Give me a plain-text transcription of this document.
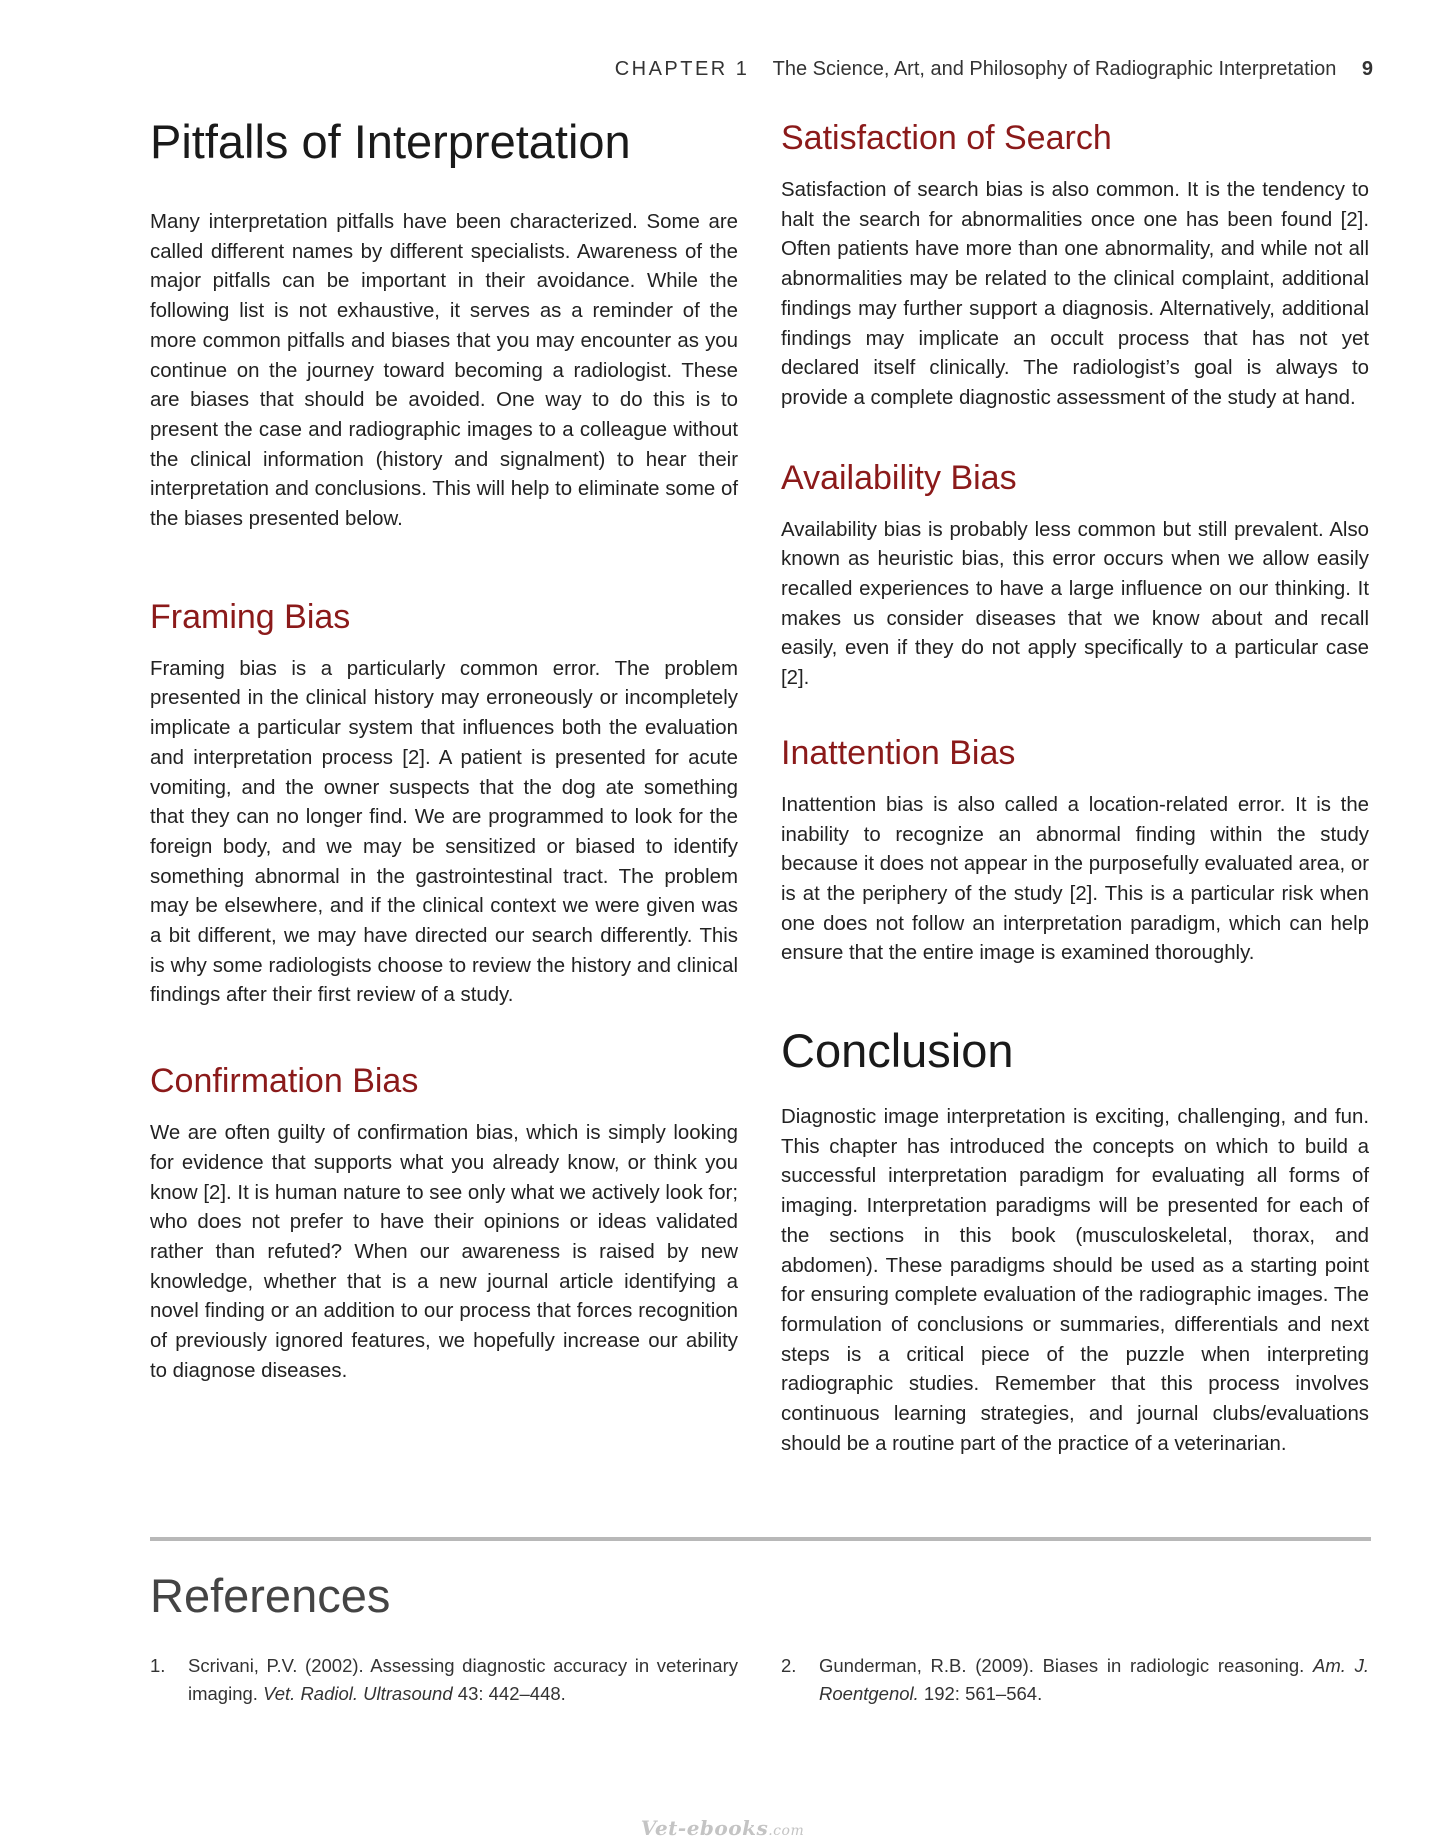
CHAPTER 1 The Science, Art, and Philosophy of Radiographic Interpretation 9
Pitfalls of Interpretation

Many interpretation pitfalls have been characterized. Some are called different names by different specialists. Awareness of the major pitfalls can be important in their avoidance. While the following list is not exhaustive, it serves as a reminder of the more common pitfalls and biases that you may encounter as you continue on the journey toward becoming a radiologist. These are biases that should be avoided. One way to do this is to present the case and radiographic images to a colleague without the clinical information (history and signalment) to hear their interpretation and conclusions. This will help to eliminate some of the biases presented below.

Framing Bias

Framing bias is a particularly common error. The problem presented in the clinical history may erroneously or incompletely implicate a particular system that influences both the evaluation and interpretation process [2]. A patient is presented for acute vomiting, and the owner suspects that the dog ate something that they can no longer find. We are programmed to look for the foreign body, and we may be sensitized or biased to identify something abnormal in the gastrointestinal tract. The problem may be elsewhere, and if the clinical context we were given was a bit different, we may have directed our search differently. This is why some radiologists choose to review the history and clinical findings after their first review of a study.

Confirmation Bias

We are often guilty of confirmation bias, which is simply looking for evidence that supports what you already know, or think you know [2]. It is human nature to see only what we actively look for; who does not prefer to have their opinions or ideas validated rather than refuted? When our awareness is raised by new knowledge, whether that is a new journal article identifying a novel finding or an addition to our process that forces recognition of previously ignored features, we hopefully increase our ability to diagnose diseases.

Satisfaction of Search

Satisfaction of search bias is also common. It is the tendency to halt the search for abnormalities once one has been found [2]. Often patients have more than one abnormality, and while not all abnormalities may be related to the clinical complaint, additional findings may further support a diagnosis. Alternatively, additional findings may implicate an occult process that has not yet declared itself clinically. The radiologist’s goal is always to provide a complete diagnostic assessment of the study at hand.

Availability Bias

Availability bias is probably less common but still prevalent. Also known as heuristic bias, this error occurs when we allow easily recalled experiences to have a large influence on our thinking. It makes us consider diseases that we know about and recall easily, even if they do not apply specifically to a particular case [2].

Inattention Bias

Inattention bias is also called a location-related error. It is the inability to recognize an abnormal finding within the study because it does not appear in the purposefully evaluated area, or is at the periphery of the study [2]. This is a particular risk when one does not follow an interpretation paradigm, which can help ensure that the entire image is examined thoroughly.

Conclusion

Diagnostic image interpretation is exciting, challenging, and fun. This chapter has introduced the concepts on which to build a successful interpretation paradigm for evaluating all forms of imaging. Interpretation paradigms will be presented for each of the sections in this book (musculoskeletal, thorax, and abdomen). These paradigms should be used as a starting point for ensuring complete evaluation of the radiographic images. The formulation of conclusions or summaries, differentials and next steps is a critical piece of the puzzle when interpreting radiographic studies. Remember that this process involves continuous learning strategies, and journal clubs/evaluations should be a routine part of the practice of a veterinarian.

References
1.	Scrivani, P.V. (2002). Assessing diagnostic accuracy in veterinary imaging. Vet. Radiol. Ultrasound 43: 442–448.
2.	Gunderman, R.B. (2009). Biases in radiologic reasoning. Am. J. Roentgenol. 192: 561–564.
Vet-ebooks.com
